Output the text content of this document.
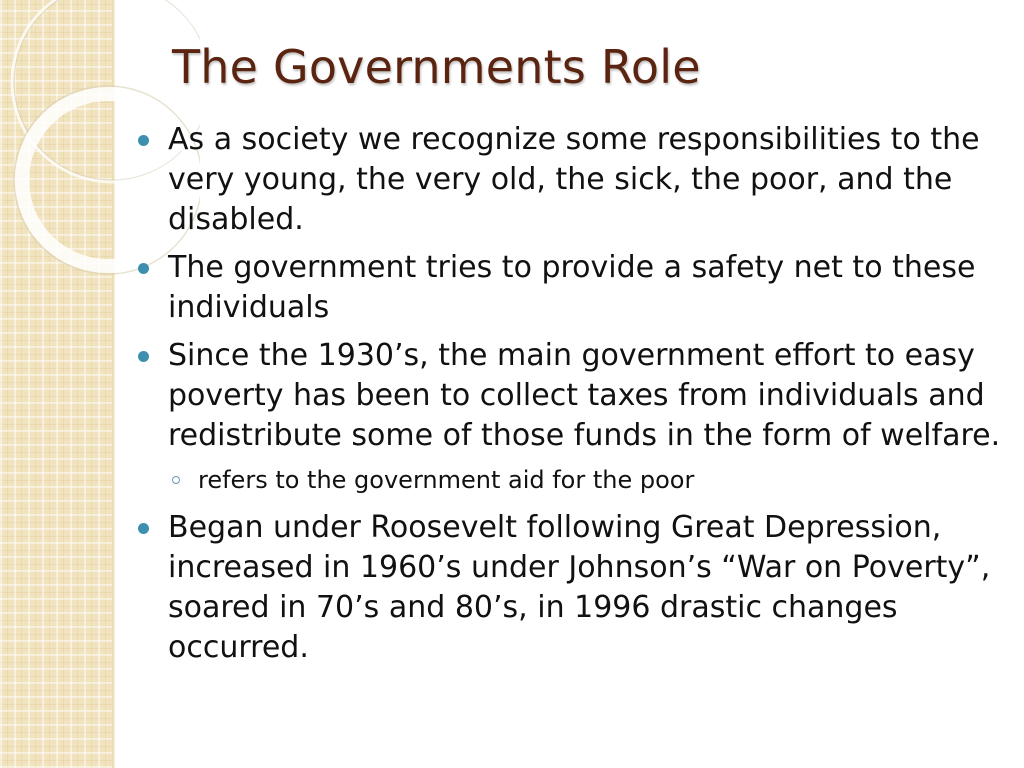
The Governments Role
As a society we recognize some responsibilities to the very young, the very old, the sick, the poor, and the disabled.
The government tries to provide a safety net to these individuals
Since the 1930’s, the main government effort to easy poverty has been to collect taxes from individuals and redistribute some of those funds in the form of welfare.
refers to the government aid for the poor
Began under Roosevelt following Great Depression, increased in 1960’s under Johnson’s “War on Poverty”, soared in 70’s and 80’s, in 1996 drastic changes occurred.
